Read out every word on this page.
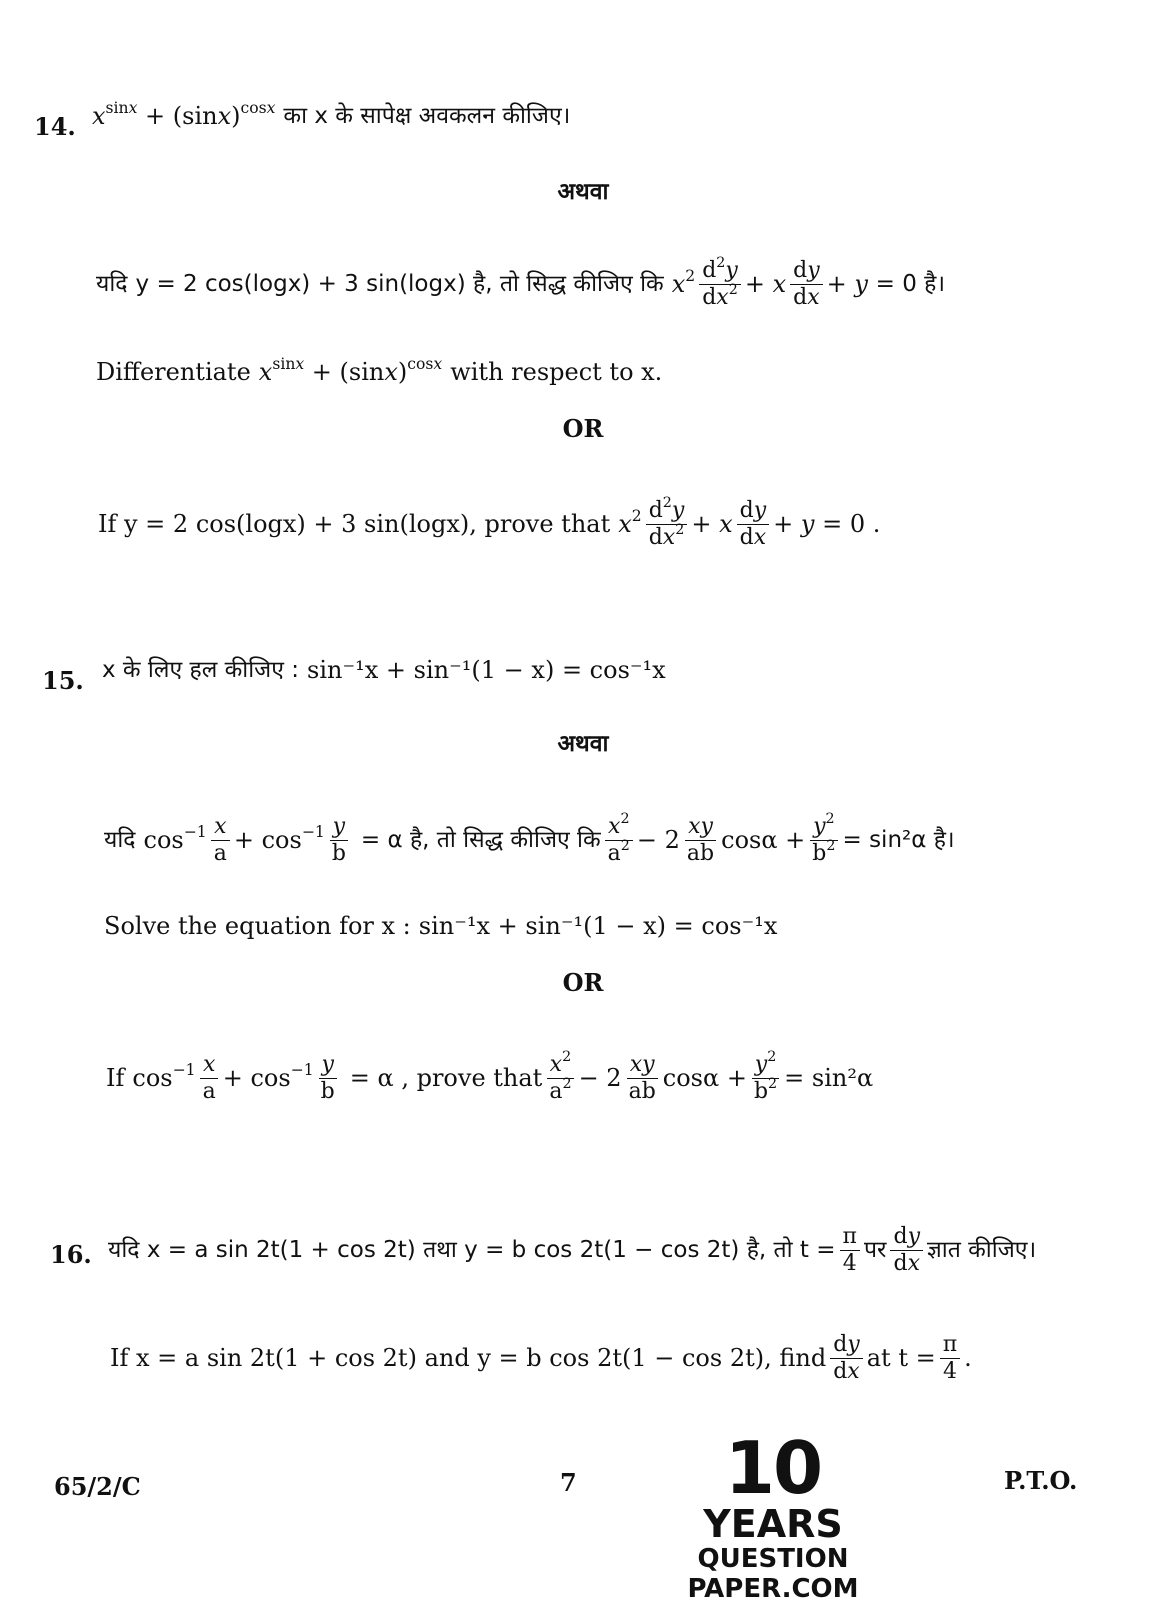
14. $x^{sinx} + (\sin x)^{cosx}$ का x के सापेक्ष अवकलन कीजिए।
अथवा
यदि y = 2 cos(logx) + 3 sin(logx) है, तो सिद्ध कीजिए कि $x^2 \frac{d^2y}{dx^2} + x \frac{dy}{dx} + y = 0$ है।
Differentiate $x^{sinx} + (\sin x)^{cosx}$ with respect to x.
OR
If y = 2 cos(logx) + 3 sin(logx), prove that $x^2 \frac{d^2y}{dx^2} + x \frac{dy}{dx} + y = 0$ .
15. x के लिए हल कीजिए : sin⁻¹x + sin⁻¹(1 − x) = cos⁻¹x
अथवा
यदि $\cos^{-1} \frac{x}{a} + \cos^{-1} \frac{y}{b} = \alpha$ है, तो सिद्ध कीजिए कि $\frac{x^2}{a^2} - 2 \frac{xy}{ab}$ $\cos\alpha + \frac{y^2}{b^2} = \sin^2\alpha$ है।
Solve the equation for x : sin⁻¹x + sin⁻¹(1 − x) = cos⁻¹x
OR
If $\cos^{-1} \frac{x}{a} + \cos^{-1} \frac{y}{b} = \alpha$ , prove that $\frac{x^2}{a^2} - 2 \frac{xy}{ab}$ $\cos\alpha + \frac{y^2}{b^2} = \sin^2\alpha$
16. यदि x = a sin 2t(1 + cos 2t) तथा y = b cos 2t(1 − cos 2t) है, तो $t = \frac{\pi}{4}$ पर $\frac{dy}{dx}$ ज्ञात कीजिए।
If x = a sin 2t(1 + cos 2t) and y = b cos 2t(1 − cos 2t), find $\frac{dy}{dx}$ at $t = \frac{\pi}{4}$ .
65/2/C	7	P.T.O.
10
YEARS
QUESTION PAPER.COM
